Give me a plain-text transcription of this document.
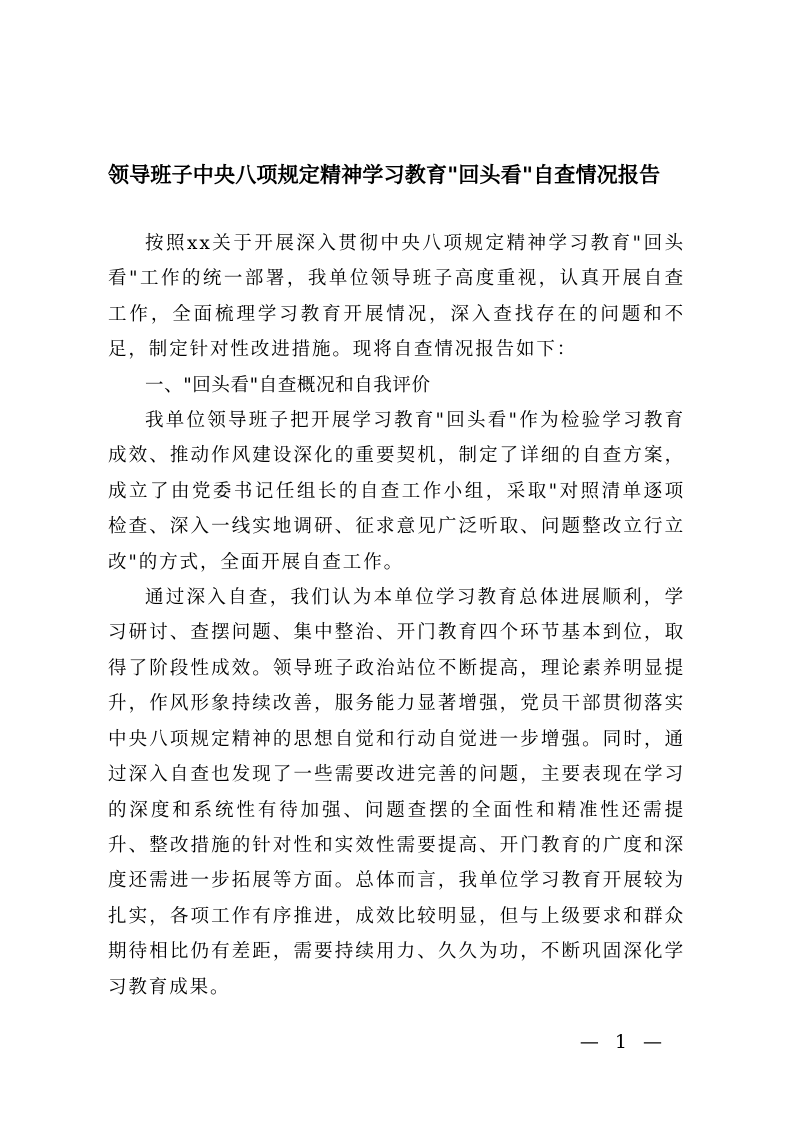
领导班子中央八项规定精神学习教育"回头看"自查情况报告

按照xx关于开展深入贯彻中央八项规定精神学习教育"回头看"工作的统一部署，我单位领导班子高度重视，认真开展自查工作，全面梳理学习教育开展情况，深入查找存在的问题和不足，制定针对性改进措施。现将自查情况报告如下：

一、"回头看"自查概况和自我评价

我单位领导班子把开展学习教育"回头看"作为检验学习教育成效、推动作风建设深化的重要契机，制定了详细的自查方案，成立了由党委书记任组长的自查工作小组，采取"对照清单逐项检查、深入一线实地调研、征求意见广泛听取、问题整改立行立改"的方式，全面开展自查工作。

通过深入自查，我们认为本单位学习教育总体进展顺利，学习研讨、查摆问题、集中整治、开门教育四个环节基本到位，取得了阶段性成效。领导班子政治站位不断提高，理论素养明显提升，作风形象持续改善，服务能力显著增强，党员干部贯彻落实中央八项规定精神的思想自觉和行动自觉进一步增强。同时，通过深入自查也发现了一些需要改进完善的问题，主要表现在学习的深度和系统性有待加强、问题查摆的全面性和精准性还需提升、整改措施的针对性和实效性需要提高、开门教育的广度和深度还需进一步拓展等方面。总体而言，我单位学习教育开展较为扎实，各项工作有序推进，成效比较明显，但与上级要求和群众期待相比仍有差距，需要持续用力、久久为功，不断巩固深化学习教育成果。

— 1 —
